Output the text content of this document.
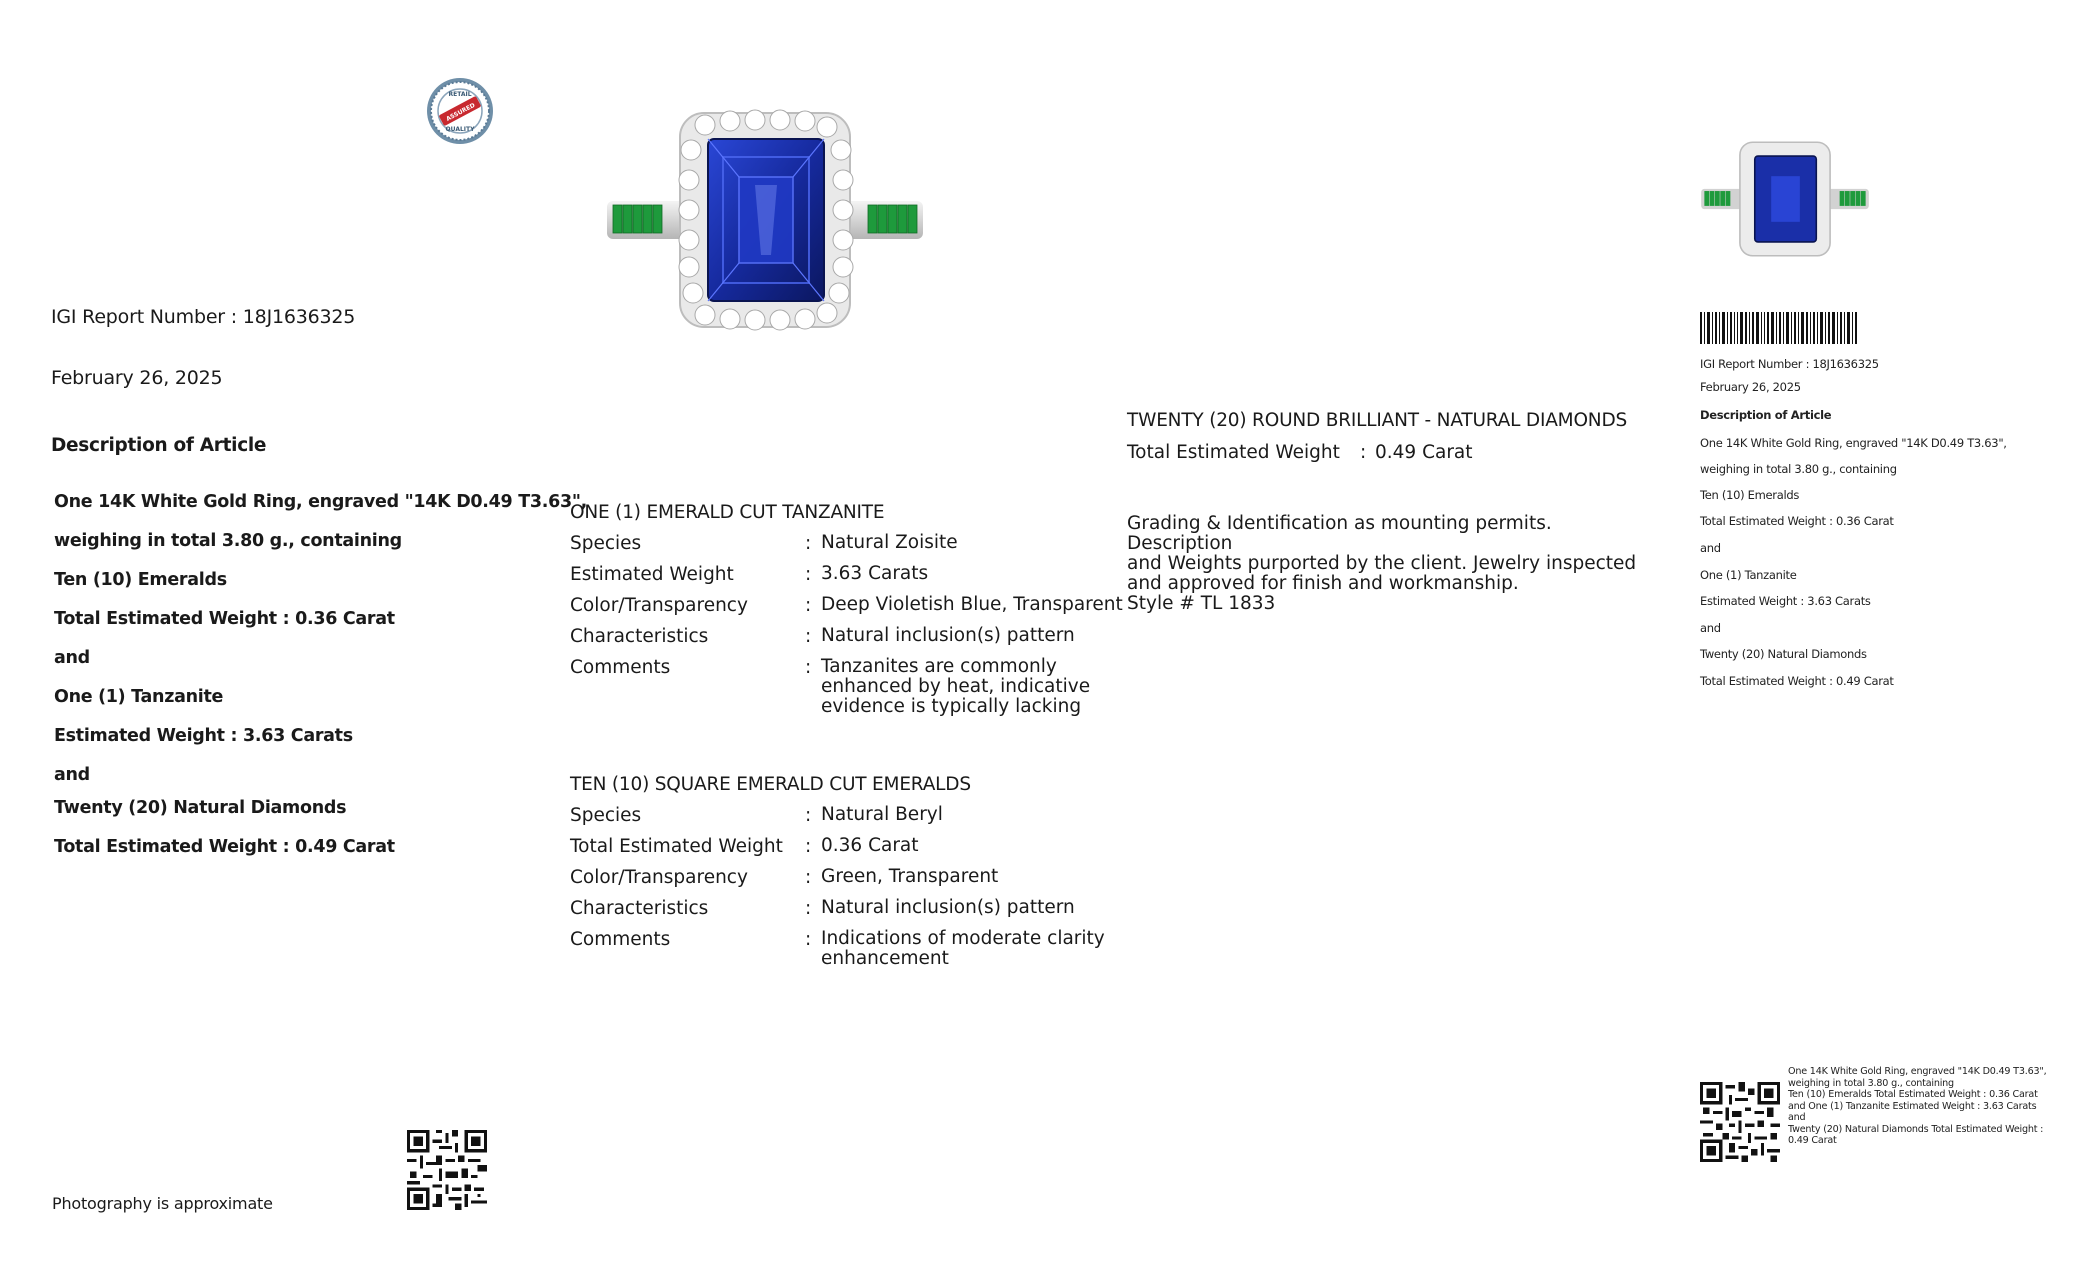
ASSURED
RETAIL
QUALITY
IGI Report Number : 18J1636325
February 26, 2025
Description of Article
One 14K White Gold Ring, engraved "14K D0.49 T3.63",
weighing in total 3.80 g., containing
Ten (10) Emeralds
Total Estimated Weight : 0.36 Carat
and
One (1) Tanzanite
Estimated Weight : 3.63 Carats
and
Twenty (20) Natural Diamonds
Total Estimated Weight : 0.49 Carat
Photography is approximate
ONE (1) EMERALD CUT TANZANITE
Species	: Natural Zoisite
Estimated Weight	: 3.63 Carats
Color/Transparency	: Deep Violetish Blue, Transparent
Characteristics	: Natural inclusion(s) pattern
Comments	: Tanzanites are commonly enhanced by heat, indicative evidence is typically lacking
TEN (10) SQUARE EMERALD CUT EMERALDS
Species	: Natural Beryl
Total Estimated Weight : 0.36 Carat
Color/Transparency	: Green, Transparent
Characteristics	: Natural inclusion(s) pattern
Comments	: Indications of moderate clarity enhancement
TWENTY (20) ROUND BRILLIANT - NATURAL DIAMONDS
Total Estimated Weight : 0.49 Carat
Grading & Identification as mounting permits. Description
and Weights purported by the client. Jewelry inspected
and approved for finish and workmanship.
Style # TL 1833
IGI Report Number : 18J1636325
February 26, 2025
Description of Article
One 14K White Gold Ring, engraved "14K D0.49 T3.63",
weighing in total 3.80 g., containing
Ten (10) Emeralds
Total Estimated Weight : 0.36 Carat
and
One (1) Tanzanite
Estimated Weight : 3.63 Carats
and
Twenty (20) Natural Diamonds
Total Estimated Weight : 0.49 Carat
One 14K White Gold Ring, engraved "14K D0.49 T3.63",
weighing in total 3.80 g., containing
Ten (10) Emeralds Total Estimated Weight : 0.36 Carat
and One (1) Tanzanite Estimated Weight : 3.63 Carats
and
Twenty (20) Natural Diamonds Total Estimated Weight :
0.49 Carat
